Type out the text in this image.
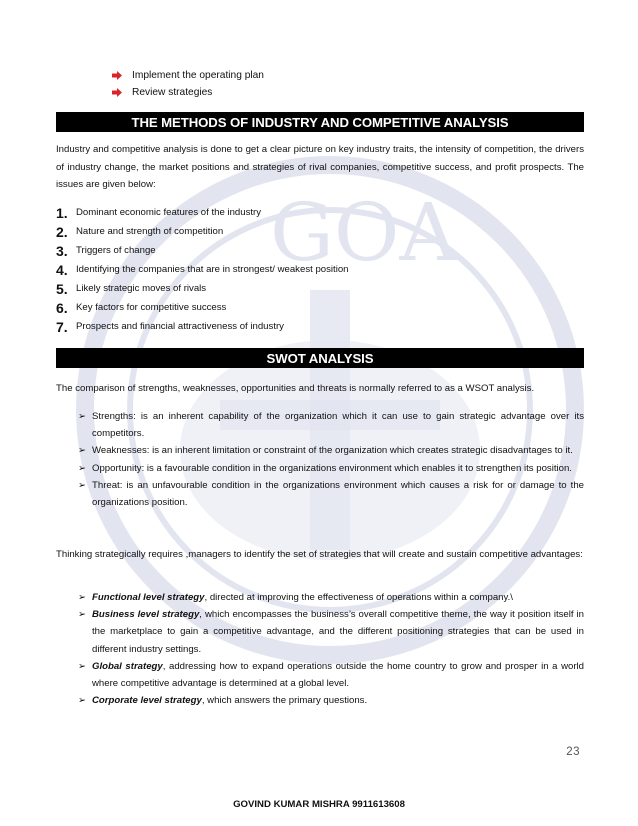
GOA
Implement the operating plan
Review strategies
THE METHODS OF INDUSTRY AND COMPETITIVE ANALYSIS
Industry and competitive analysis is done to get a clear picture on key industry traits, the intensity of competition, the drivers of industry change, the market positions and strategies of rival companies, competitive success, and profit prospects. The issues are given below:
1. Dominant economic features of the industry
2. Nature and strength of competition
3. Triggers of change
4. Identifying the companies that are in strongest/ weakest position
5. Likely strategic moves of rivals
6. Key factors for competitive success
7. Prospects and financial attractiveness of industry
SWOT ANALYSIS
The comparison of strengths, weaknesses, opportunities and threats is normally referred to as a WSOT analysis.
➢ Strengths: is an inherent capability of the organization which it can use to gain strategic advantage over its competitors.
➢ Weaknesses: is an inherent limitation or constraint of the organization which creates strategic disadvantages to it.
➢ Opportunity: is a favourable condition in the organizations environment which enables it to strengthen its position.
➢ Threat: is an unfavourable condition in the organizations environment which causes a risk for or damage to the organizations position.
Thinking strategically requires ,managers to identify the set of strategies that will create and sustain competitive advantages:
➢ Functional level strategy, directed at improving the effectiveness of operations within a company.\
➢ Business level strategy, which encompasses the business’s overall competitive theme, the way it position itself in the marketplace to gain a competitive advantage, and the different positioning strategies that can be used in different industry settings.
➢ Global strategy, addressing how to expand operations outside the home country to grow and prosper in a world where competitive advantage is determined at a global level.
➢ Corporate level strategy, which answers the primary questions.
23
GOVIND KUMAR MISHRA 9911613608
